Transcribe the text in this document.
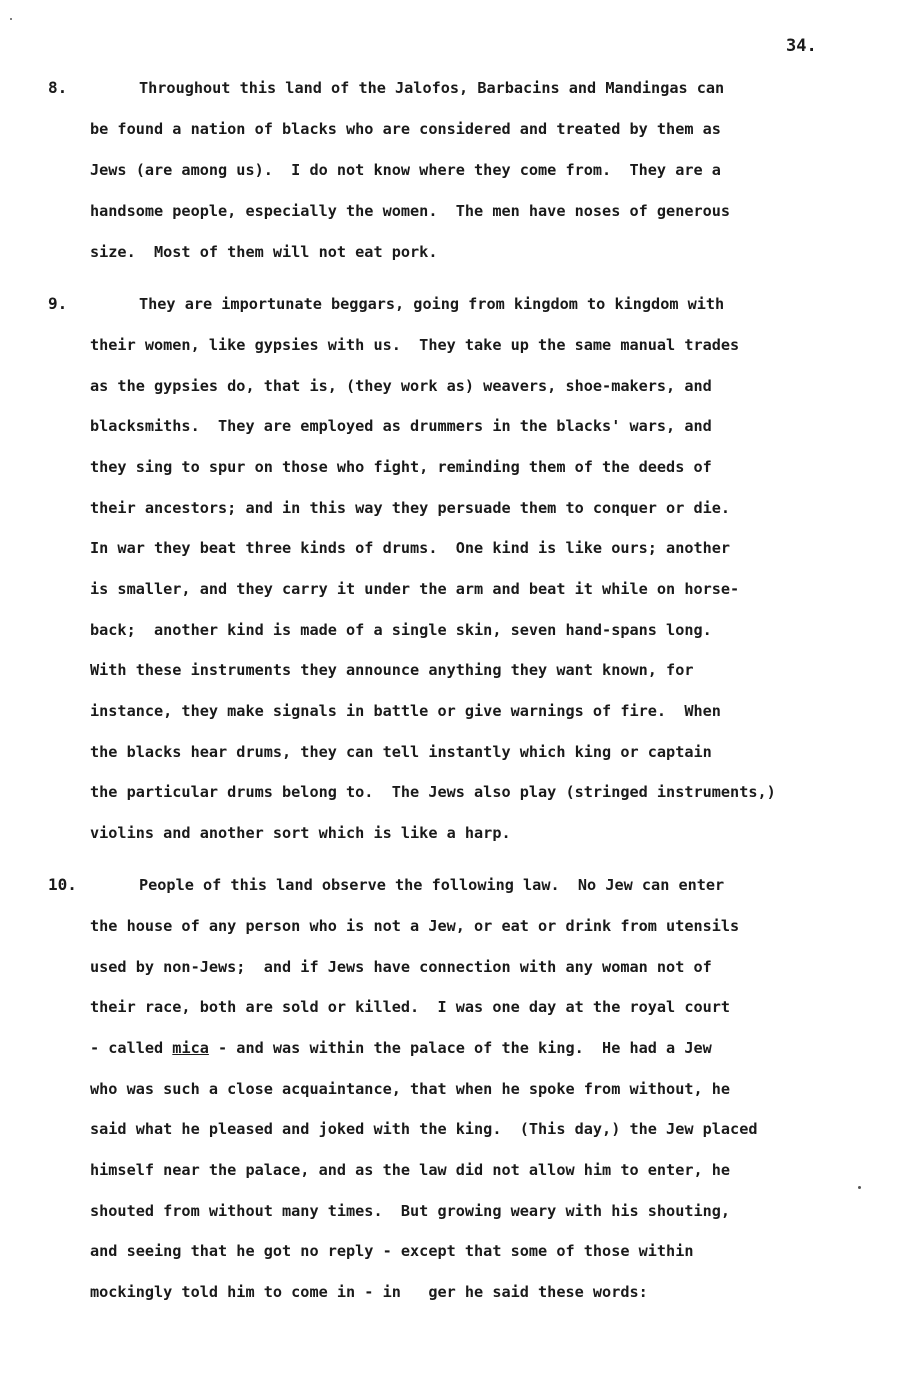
34.
8.	Throughout this land of the Jalofos, Barbacins and Mandingas can
be found a nation of blacks who are considered and treated by them as
Jews (are among us).  I do not know where they come from.  They are a
handsome people, especially the women.  The men have noses of generous
size.  Most of them will not eat pork.
9.	They are importunate beggars, going from kingdom to kingdom with
their women, like gypsies with us.  They take up the same manual trades
as the gypsies do, that is, (they work as) weavers, shoe-makers, and
blacksmiths.  They are employed as drummers in the blacks' wars, and
they sing to spur on those who fight, reminding them of the deeds of
their ancestors; and in this way they persuade them to conquer or die.
In war they beat three kinds of drums.  One kind is like ours; another
is smaller, and they carry it under the arm and beat it while on horse-
back;  another kind is made of a single skin, seven hand-spans long.
With these instruments they announce anything they want known, for
instance, they make signals in battle or give warnings of fire.  When
the blacks hear drums, they can tell instantly which king or captain
the particular drums belong to.  The Jews also play (stringed instruments,)
violins and another sort which is like a harp.
10.	People of this land observe the following law.  No Jew can enter
the house of any person who is not a Jew, or eat or drink from utensils
used by non-Jews;  and if Jews have connection with any woman not of
their race, both are sold or killed.  I was one day at the royal court
- called mica - and was within the palace of the king.  He had a Jew
who was such a close acquaintance, that when he spoke from without, he
said what he pleased and joked with the king.  (This day,) the Jew placed
himself near the palace, and as the law did not allow him to enter, he
shouted from without many times.  But growing weary with his shouting,
and seeing that he got no reply - except that some of those within
mockingly told him to come in - in   ger he said these words:
